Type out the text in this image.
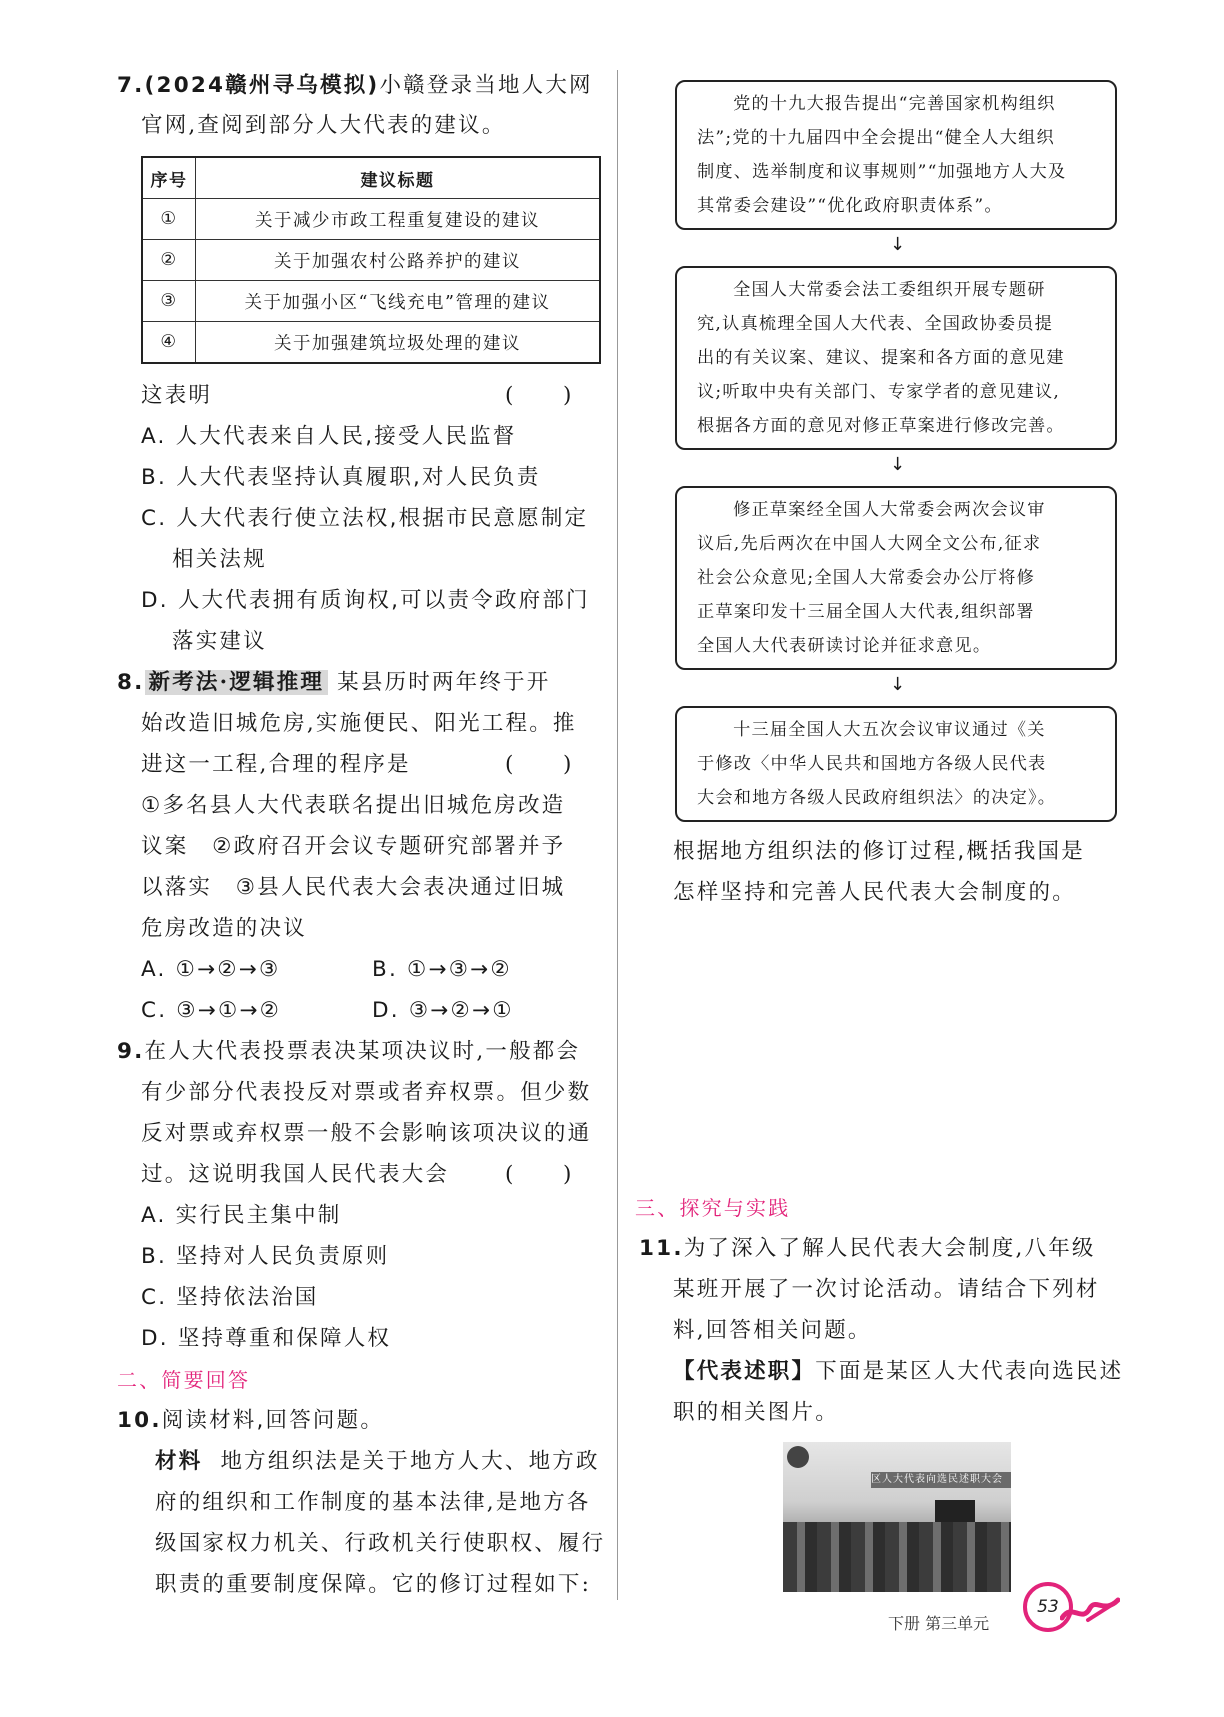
7.(2024赣州寻乌模拟)小赣登录当地人大网
官网,查阅到部分人大代表的建议。
序号	建议标题
①	关于减少市政工程重复建设的建议
②	关于加强农村公路养护的建议
③	关于加强小区“飞线充电”管理的建议
④	关于加强建筑垃圾处理的建议
这表明	(　　)
A. 人大代表来自人民,接受人民监督
B. 人大代表坚持认真履职,对人民负责
C. 人大代表行使立法权,根据市民意愿制定
相关法规
D. 人大代表拥有质询权,可以责令政府部门
落实建议
8. 新考法·逻辑推理 某县历时两年终于开
始改造旧城危房,实施便民、阳光工程。推
进这一工程,合理的程序是	(　　)
①多名县人大代表联名提出旧城危房改造
议案　②政府召开会议专题研究部署并予
以落实　③县人民代表大会表决通过旧城
危房改造的决议
A. ①→②→③	B. ①→③→②
C. ③→①→②	D. ③→②→①
9.在人大代表投票表决某项决议时,一般都会
有少部分代表投反对票或者弃权票。但少数
反对票或弃权票一般不会影响该项决议的通
过。这说明我国人民代表大会	(　　)
A. 实行民主集中制
B. 坚持对人民负责原则
C. 坚持依法治国
D. 坚持尊重和保障人权
二、简要回答
10.阅读材料,回答问题。
材料 地方组织法是关于地方人大、地方政
府的组织和工作制度的基本法律,是地方各
级国家权力机关、行政机关行使职权、履行
职责的重要制度保障。它的修订过程如下:
党的十九大报告提出“完善国家机构组织
法”;党的十九届四中全会提出“健全人大组织
制度、选举制度和议事规则”“加强地方人大及
其常委会建设”“优化政府职责体系”。
↓
全国人大常委会法工委组织开展专题研
究,认真梳理全国人大代表、全国政协委员提
出的有关议案、建议、提案和各方面的意见建
议;听取中央有关部门、专家学者的意见建议,
根据各方面的意见对修正草案进行修改完善。
↓
修正草案经全国人大常委会两次会议审
议后,先后两次在中国人大网全文公布,征求
社会公众意见;全国人大常委会办公厅将修
正草案印发十三届全国人大代表,组织部署
全国人大代表研读讨论并征求意见。
↓
十三届全国人大五次会议审议通过《关
于修改〈中华人民共和国地方各级人民代表
大会和地方各级人民政府组织法〉的决定》。
根据地方组织法的修订过程,概括我国是
怎样坚持和完善人民代表大会制度的。
三、探究与实践
11.为了深入了解人民代表大会制度,八年级
某班开展了一次讨论活动。请结合下列材
料,回答相关问题。
【代表述职】下面是某区人大代表向选民述
职的相关图片。
区人大代表向选民述职大会
下册 第三单元
53
